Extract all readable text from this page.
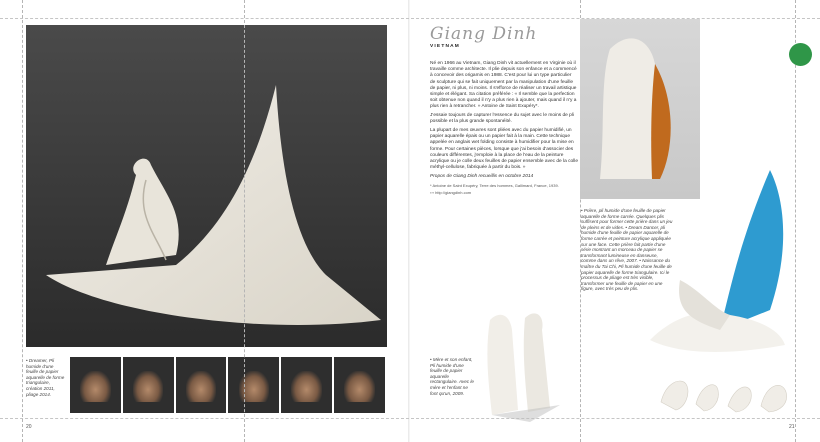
• Dreamer, Pli humide d'une feuille de papier aquarelle de forme triangulaire, création 2011, pliage 2014.
20
Giang Dinh
VIETNAM

Né en 1966 au Vietnam, Giang Dinh vit actuellement en Virginie où il travaille comme architecte. Il plie depuis son enfance et a commencé à concevoir des origamis en 1988. C'est pour lui un type particulier de sculpture qui se fait uniquement par la manipulation d'une feuille de papier, ni plus, ni moins. Il s'efforce de réaliser un travail artistique simple et élégant. Sa citation préférée : « Il semble que la perfection soit obtenue non quand il n'y a plus rien à ajouter, mais quand il n'y a plus rien à retrancher. » Antoine de Saint Exupéry*.

J'essaie toujours de capturer l'essence du sujet avec le moins de pli possible et la plus grande spontanéité.

La plupart de mes œuvres sont pliées avec du papier humidifié, un papier aquarelle épais ou un papier fait à la main. Cette technique appelée en anglais wet folding consiste à humidifier pour la mise en forme. Pour certaines pièces, lorsque que j'ai besoin d'associer des couleurs différentes, j'emploie à la place de l'eau de la peinture acrylique ou je colle deux feuilles de papier ensemble avec de la colle méthyl-cellulose, fabriquée à partir du bois. »

Propos de Giang Dinh recueillis en octobre 2014

* Antoine de Saint Exupéry, Terre des hommes, Gallimard, France, 1939.

››› http://giangdinh.com

• Prière, pli humide d'une feuille de papier aquarelle de forme carrée. Quelques plis suffisent pour former cette prière dans un jeu de pleins et de vides. • Dream Dancer, pli humide d'une feuille de papier aquarelle de forme carrée et peinture acrylique appliquée sur une face. Cette prière fait partie d'une série montrant un morceau de papier se transformant lumineuse en danseuse, comme dans un rêve, 2007. • Naissance du maître du Tai Chi, Pli humide d'une feuille de papier aquarelle de forme triangulaire. Ici le processus de pliage est très visible, transformer une feuille de papier en une figure, avec très peu de plis.
• Mère et son enfant, Pli humide d'une feuille de papier aquarelle rectangulaire. Avec le mère et l'enfant ne font qu'un, 2009.
21
